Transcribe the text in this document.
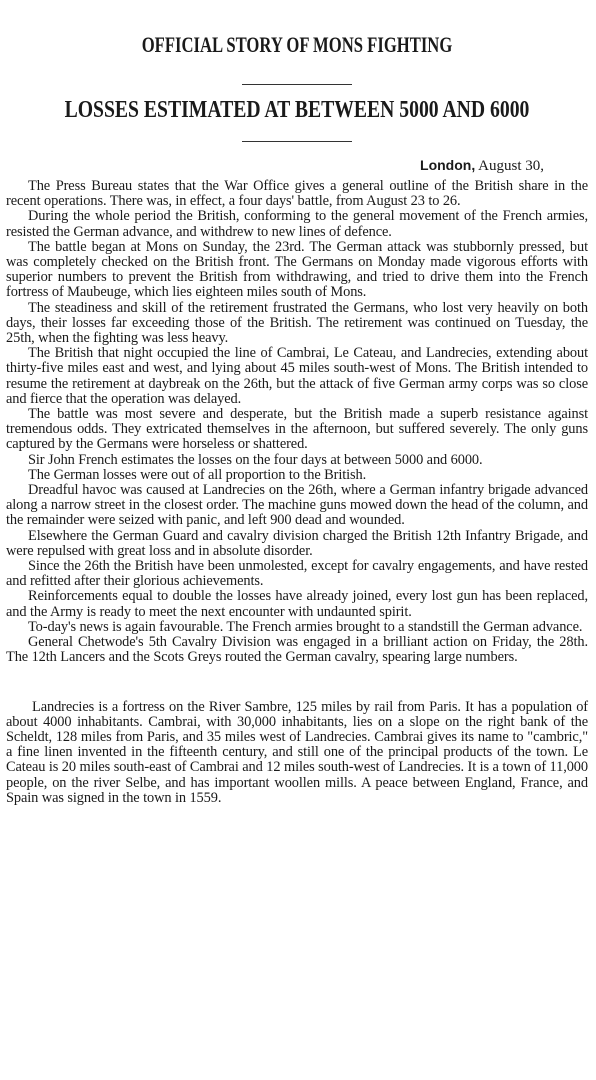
OFFICIAL STORY OF MONS FIGHTING
LOSSES ESTIMATED AT BETWEEN 5000 AND 6000
London, August 30,

The Press Bureau states that the War Office gives a general outline of the British share in the recent operations. There was, in effect, a four days' battle, from August 23 to 26.

During the whole period the British, conforming to the general movement of the French armies, resisted the German advance, and withdrew to new lines of defence.

The battle began at Mons on Sunday, the 23rd. The German attack was stubbornly pressed, but was completely checked on the British front. The Germans on Monday made vigorous efforts with superior numbers to prevent the British from withdrawing, and tried to drive them into the French fortress of Maubeuge, which lies eighteen miles south of Mons.

The steadiness and skill of the retirement frustrated the Germans, who lost very heavily on both days, their losses far exceeding those of the British. The retirement was continued on Tuesday, the 25th, when the fighting was less heavy.

The British that night occupied the line of Cambrai, Le Cateau, and Landrecies, extending about thirty-five miles east and west, and lying about 45 miles south-west of Mons. The British intended to resume the retirement at daybreak on the 26th, but the attack of five German army corps was so close and fierce that the operation was delayed.

The battle was most severe and desperate, but the British made a superb resistance against tremendous odds. They extricated themselves in the afternoon, but suffered severely. The only guns captured by the Germans were horseless or shattered.

Sir John French estimates the losses on the four days at between 5000 and 6000.

The German losses were out of all proportion to the British.

Dreadful havoc was caused at Landrecies on the 26th, where a German infantry brigade advanced along a narrow street in the closest order. The machine guns mowed down the head of the column, and the remainder were seized with panic, and left 900 dead and wounded.

Elsewhere the German Guard and cavalry division charged the British 12th Infantry Brigade, and were repulsed with great loss and in absolute disorder.

Since the 26th the British have been unmolested, except for cavalry engagements, and have rested and refitted after their glorious achievements.

Reinforcements equal to double the losses have already joined, every lost gun has been replaced, and the Army is ready to meet the next encounter with undaunted spirit.

To-day's news is again favourable. The French armies brought to a standstill the German advance.

General Chetwode's 5th Cavalry Division was engaged in a brilliant action on Friday, the 28th. The 12th Lancers and the Scots Greys routed the German cavalry, spearing large numbers.

Landrecies is a fortress on the River Sambre, 125 miles by rail from Paris. It has a population of about 4000 inhabitants. Cambrai, with 30,000 inhabitants, lies on a slope on the right bank of the Scheldt, 128 miles from Paris, and 35 miles west of Landrecies. Cambrai gives its name to "cambric," a fine linen invented in the fifteenth century, and still one of the principal products of the town. Le Cateau is 20 miles south-east of Cambrai and 12 miles south-west of Landrecies. It is a town of 11,000 people, on the river Selbe, and has important woollen mills. A peace between England, France, and Spain was signed in the town in 1559.
